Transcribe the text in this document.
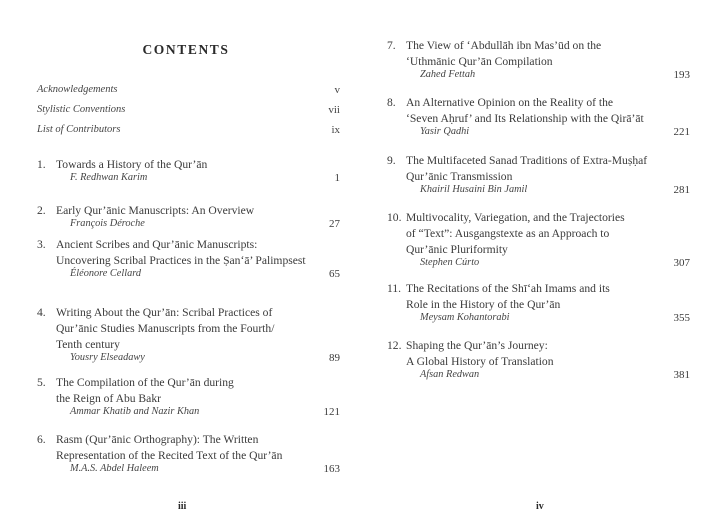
CONTENTS
Acknowledgements	v
Stylistic Conventions	vii
List of Contributors	ix
1. Towards a History of the Qur’ān
F. Redhwan Karim	1
2. Early Qur’ānic Manuscripts: An Overview
François Déroche	27
3. Ancient Scribes and Qur’ānic Manuscripts:
Uncovering Scribal Practices in the Ṣan‘ā’ Palimpsest
Éléonore Cellard	65
4. Writing About the Qur’ān: Scribal Practices of
Qur’ānic Studies Manuscripts from the Fourth/
Tenth century
Yousry Elseadawy	89
5. The Compilation of the Qur’ān during
the Reign of Abu Bakr
Ammar Khatib and Nazir Khan	121
6. Rasm (Qur’ānic Orthography): The Written
Representation of the Recited Text of the Qur’ān
M.A.S. Abdel Haleem	163
iii
7. The View of ‘Abdullāh ibn Mas’ūd on the
‘Uthmānic Qur’ān Compilation
Zahed Fettah	193
8. An Alternative Opinion on the Reality of the
‘Seven Aḥruf’ and Its Relationship with the Qirā’āt
Yasir Qadhi	221
9. The Multifaceted Sanad Traditions of Extra-Muṣḥaf
Qur’ānic Transmission
Khairil Husaini Bin Jamil	281
10. Multivocality, Variegation, and the Trajectories
of “Text”: Ausgangstexte as an Approach to
Qur’ānic Pluriformity
Stephen Cúrto	307
11. The Recitations of the Shī‘ah Imams and its
Role in the History of the Qur’ān
Meysam Kohantorabi	355
12. Shaping the Qur’ān’s Journey:
A Global History of Translation
Afsan Redwan	381
iv
